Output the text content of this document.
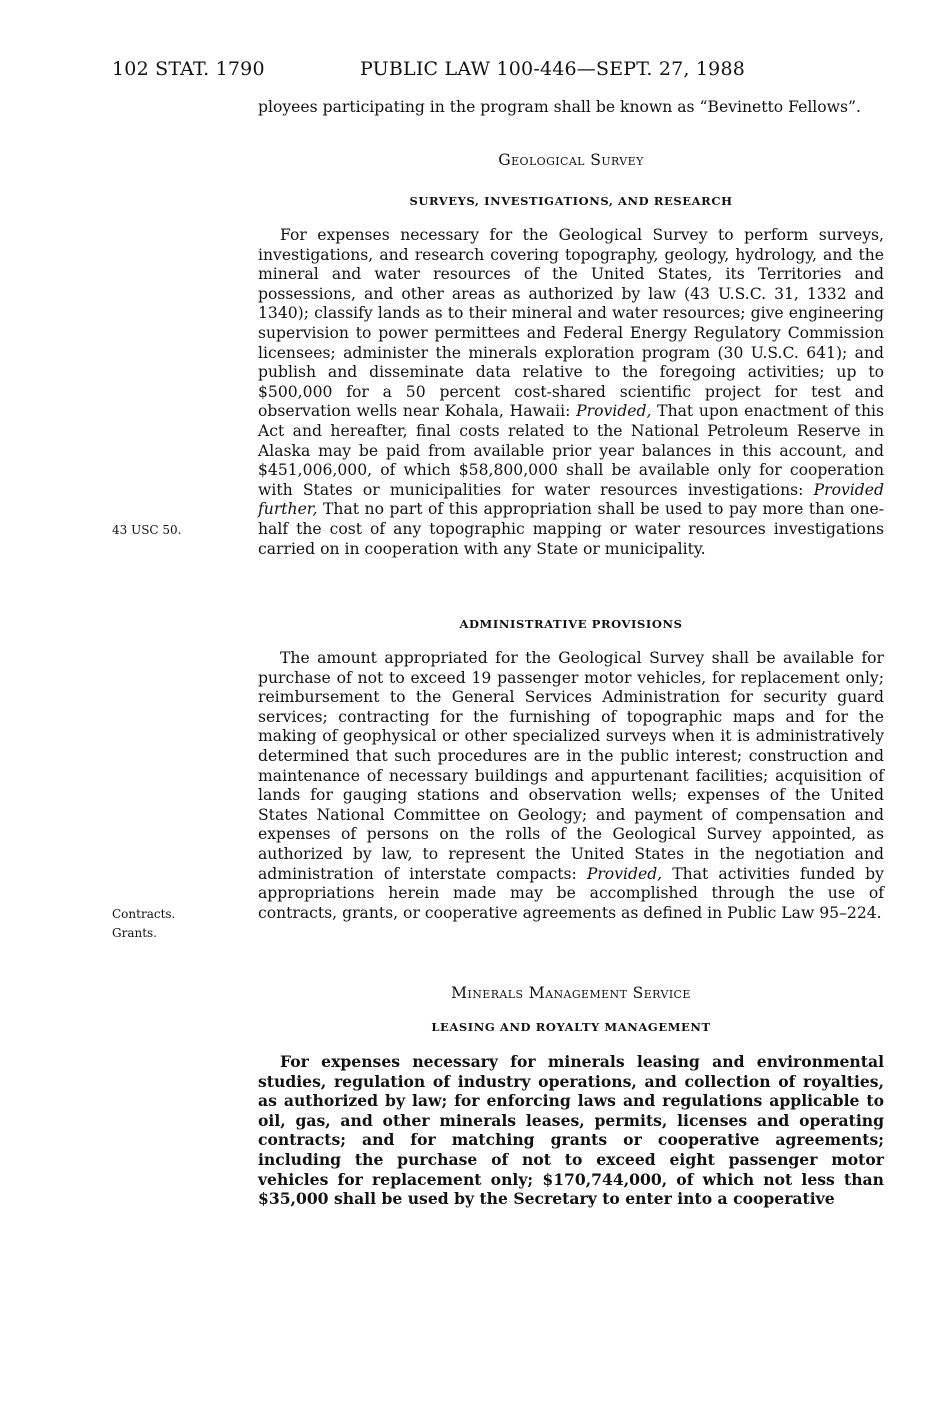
102 STAT. 1790	PUBLIC LAW 100-446—SEPT. 27, 1988

ployees participating in the program shall be known as “Bevinetto Fellows”.

Geological Survey

SURVEYS, INVESTIGATIONS, AND RESEARCH

For expenses necessary for the Geological Survey to perform surveys, investigations, and research covering topography, geology, hydrology, and the mineral and water resources of the United States, its Territories and possessions, and other areas as authorized by law (43 U.S.C. 31, 1332 and 1340); classify lands as to their mineral and water resources; give engineering supervision to power permittees and Federal Energy Regulatory Commission licensees; administer the minerals exploration program (30 U.S.C. 641); and publish and disseminate data relative to the foregoing activities; up to $500,000 for a 50 percent cost-shared scientific project for test and observation wells near Kohala, Hawaii: Provided, That upon enactment of this Act and hereafter, final costs related to the National Petroleum Reserve in Alaska may be paid from available prior year balances in this account, and $451,006,000, of which $58,800,000 shall be available only for cooperation with States or municipalities for water resources investigations: Provided further, That no part of this appropriation shall be used to pay more than one-half the cost of any topographic mapping or water resources investigations carried on in cooperation with any State or municipality.

43 USC 50.

ADMINISTRATIVE PROVISIONS

The amount appropriated for the Geological Survey shall be available for purchase of not to exceed 19 passenger motor vehicles, for replacement only; reimbursement to the General Services Administration for security guard services; contracting for the furnishing of topographic maps and for the making of geophysical or other specialized surveys when it is administratively determined that such procedures are in the public interest; construction and maintenance of necessary buildings and appurtenant facilities; acquisition of lands for gauging stations and observation wells; expenses of the United States National Committee on Geology; and payment of compensation and expenses of persons on the rolls of the Geological Survey appointed, as authorized by law, to represent the United States in the negotiation and administration of interstate compacts: Provided, That activities funded by appropriations herein made may be accomplished through the use of contracts, grants, or cooperative agreements as defined in Public Law 95–224.

Contracts.
Grants.

Minerals Management Service

LEASING AND ROYALTY MANAGEMENT

For expenses necessary for minerals leasing and environmental studies, regulation of industry operations, and collection of royalties, as authorized by law; for enforcing laws and regulations applicable to oil, gas, and other minerals leases, permits, licenses and operating contracts; and for matching grants or cooperative agreements; including the purchase of not to exceed eight passenger motor vehicles for replacement only; $170,744,000, of which not less than $35,000 shall be used by the Secretary to enter into a cooperative
